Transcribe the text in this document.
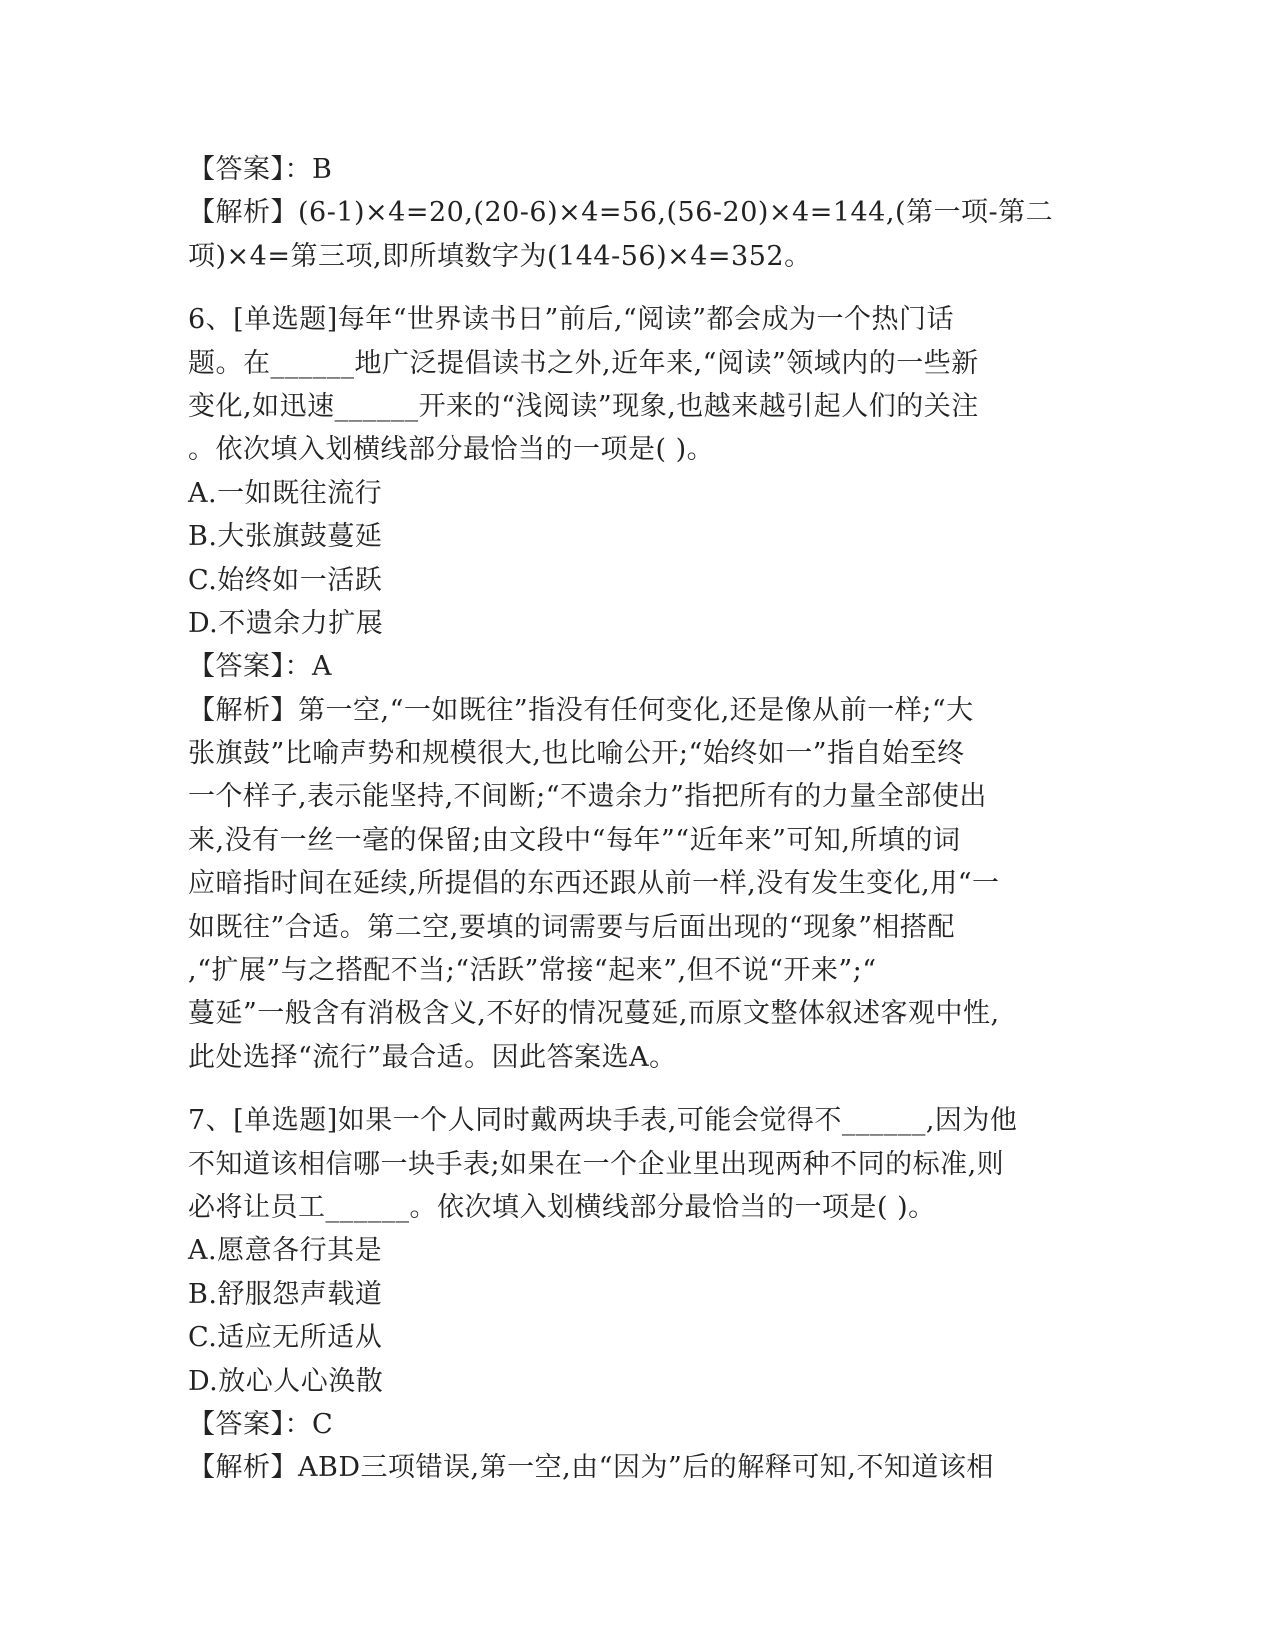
【答案】：B
【解析】(6-1)×4=20,(20-6)×4=56,(56-20)×4=144,(第一项-第二
项)×4=第三项,即所填数字为(144-56)×4=352。
6、[单选题]每年“世界读书日”前后,“阅读”都会成为一个热门话
题。在______地广泛提倡读书之外,近年来,“阅读”领域内的一些新
变化,如迅速______开来的“浅阅读”现象,也越来越引起人们的关注
。依次填入划横线部分最恰当的一项是( )。
A.一如既往流行
B.大张旗鼓蔓延
C.始终如一活跃
D.不遗余力扩展
【答案】：A
【解析】第一空,“一如既往”指没有任何变化,还是像从前一样;“大
张旗鼓”比喻声势和规模很大,也比喻公开;“始终如一”指自始至终
一个样子,表示能坚持,不间断;“不遗余力”指把所有的力量全部使出
来,没有一丝一毫的保留;由文段中“每年”“近年来”可知,所填的词
应暗指时间在延续,所提倡的东西还跟从前一样,没有发生变化,用“一
如既往”合适。第二空,要填的词需要与后面出现的“现象”相搭配
,“扩展”与之搭配不当;“活跃”常接“起来”,但不说“开来”;“
蔓延”一般含有消极含义,不好的情况蔓延,而原文整体叙述客观中性,
此处选择“流行”最合适。因此答案选A。
7、[单选题]如果一个人同时戴两块手表,可能会觉得不______,因为他
不知道该相信哪一块手表;如果在一个企业里出现两种不同的标准,则
必将让员工______。依次填入划横线部分最恰当的一项是( )。
A.愿意各行其是
B.舒服怨声载道
C.适应无所适从
D.放心人心涣散
【答案】：C
【解析】ABD三项错误,第一空,由“因为”后的解释可知,不知道该相
